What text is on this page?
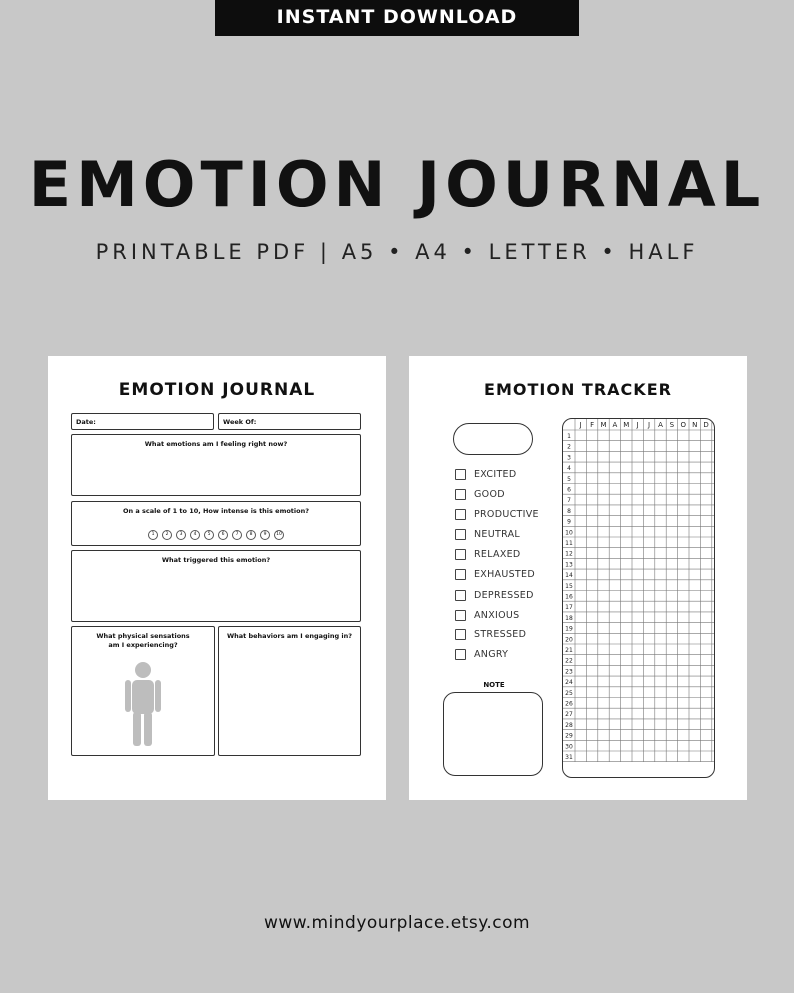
INSTANT DOWNLOAD
EMOTION JOURNAL
PRINTABLE PDF | A5 • A4 • LETTER • HALF
EMOTION JOURNAL
Date:	Week Of:
What emotions am I feeling right now?
On a scale of 1 to 10, How intense is this emotion?
1 2 3 4 5 6 7 8 9 10
What triggered this emotion?
What physical sensations am I experiencing?
What behaviors am I engaging in?
EMOTION TRACKER
EXCITED
GOOD
PRODUCTIVE
NEUTRAL
RELAXED
EXHAUSTED
DEPRESSED
ANXIOUS
STRESSED
ANGRY
NOTE
J F M A M J J A S O N D
1
2
3
4
5
6
7
8
9
10
11
12
13
14
15
16
17
18
19
20
21
22
23
24
25
26
27
28
29
30
31
www.mindyourplace.etsy.com
